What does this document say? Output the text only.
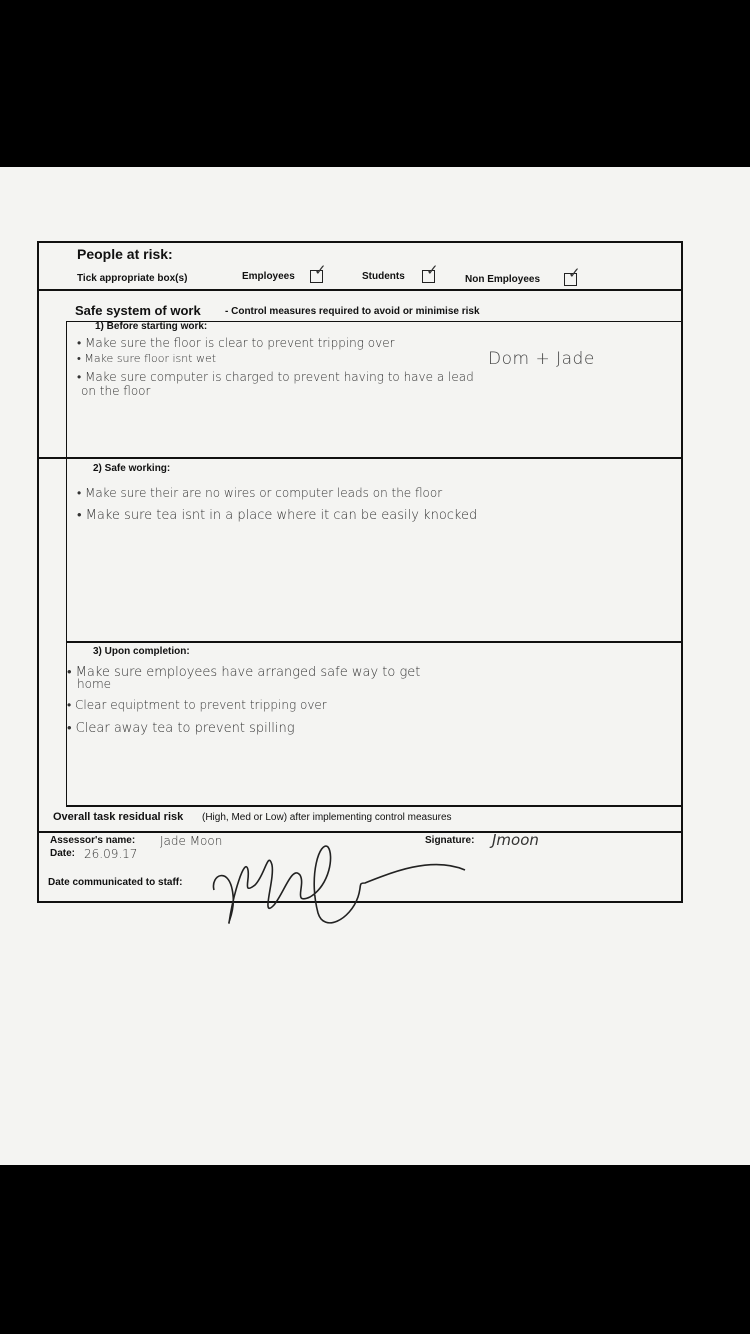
Dom + Jade
People at risk:
Tick appropriate box(s)	Employees ✓	Students ✓
Non Employees ✓
Safe system of work - Control measures required to avoid or minimise risk
1) Before starting work:
• Make sure the floor is clear to prevent tripping over
• Make sure floor isnt wet
• Make sure computer is charged to prevent having to have a lead
on the floor
2) Safe working:
• Make sure their are no wires or computer leads on the floor
• Make sure tea isnt in a place where it can be easily knocked
3) Upon completion:
• Make sure employees have arranged safe way to get
home
• Clear equiptment to prevent tripping over
• Clear away tea to prevent spilling
Overall task residual risk (High, Med or Low) after implementing control measures
Assessor's name: Jade Moon
Date: 26.09.17
Signature: Jmoon
Date communicated to staff:
